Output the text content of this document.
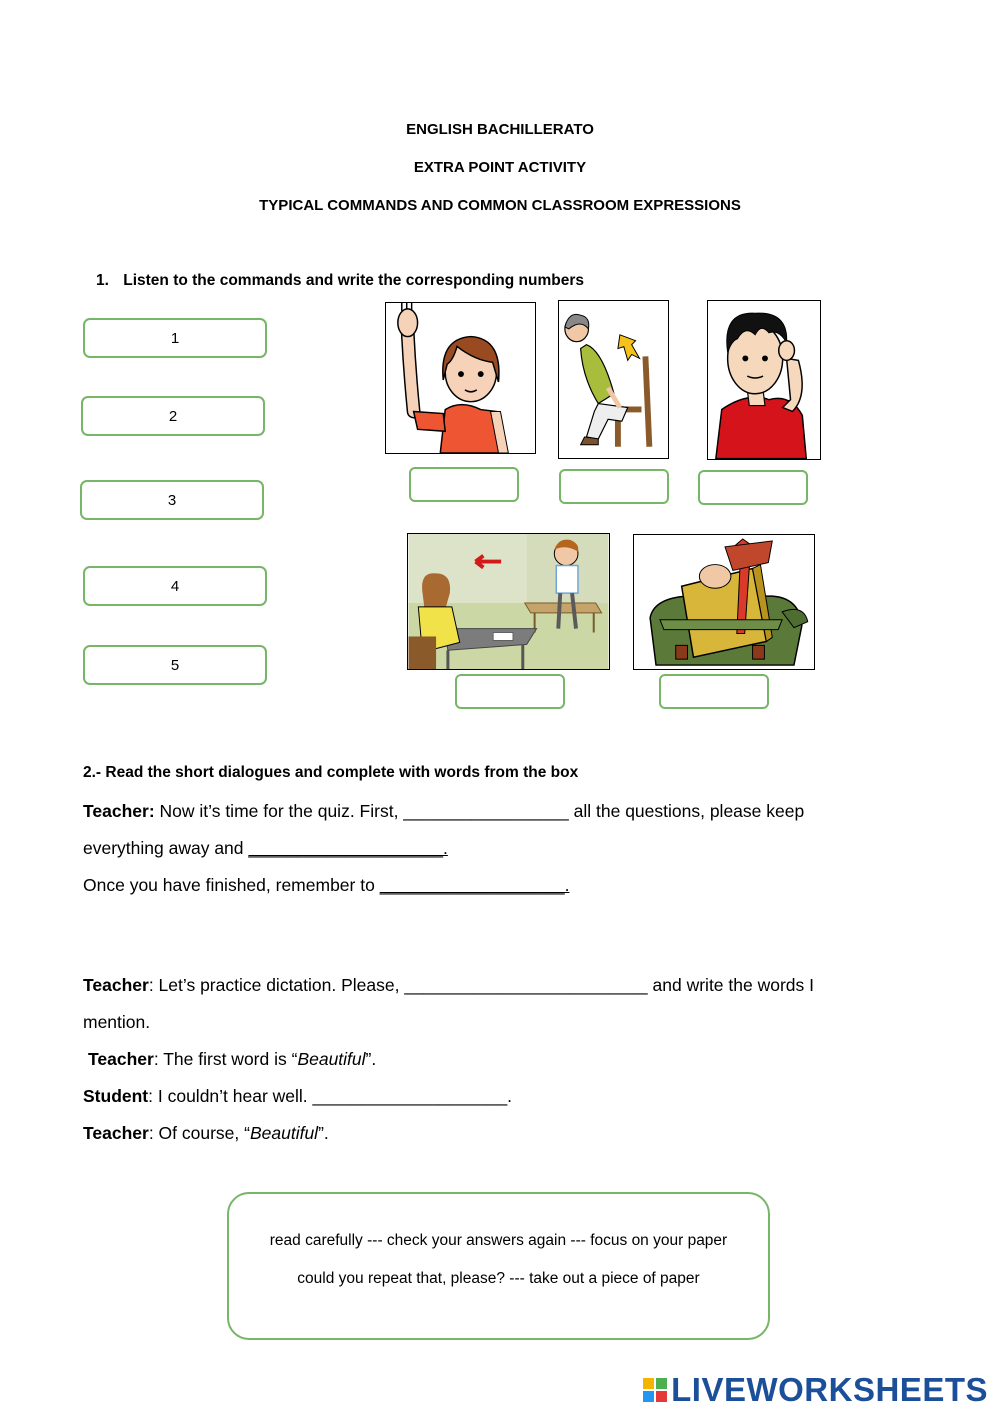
ENGLISH BACHILLERATO
EXTRA POINT ACTIVITY
TYPICAL COMMANDS AND COMMON CLASSROOM EXPRESSIONS
1. Listen to the commands and write the corresponding numbers
1
2
3
4
5
2.- Read the short dialogues and complete with words from the box
Teacher: Now it’s time for the quiz. First, _________________ all the questions, please keep
everything away and ____________________.
Once you have finished, remember to ___________________.
Teacher: Let’s practice dictation. Please, _________________________ and write the words I
mention.
Teacher: The first word is “Beautiful”.
Student: I couldn’t hear well. ____________________.
Teacher: Of course, “Beautiful”.

read carefully --- check your answers again --- focus on your paper

could you repeat that, please? --- take out a piece of paper

LIVEWORKSHEETS
